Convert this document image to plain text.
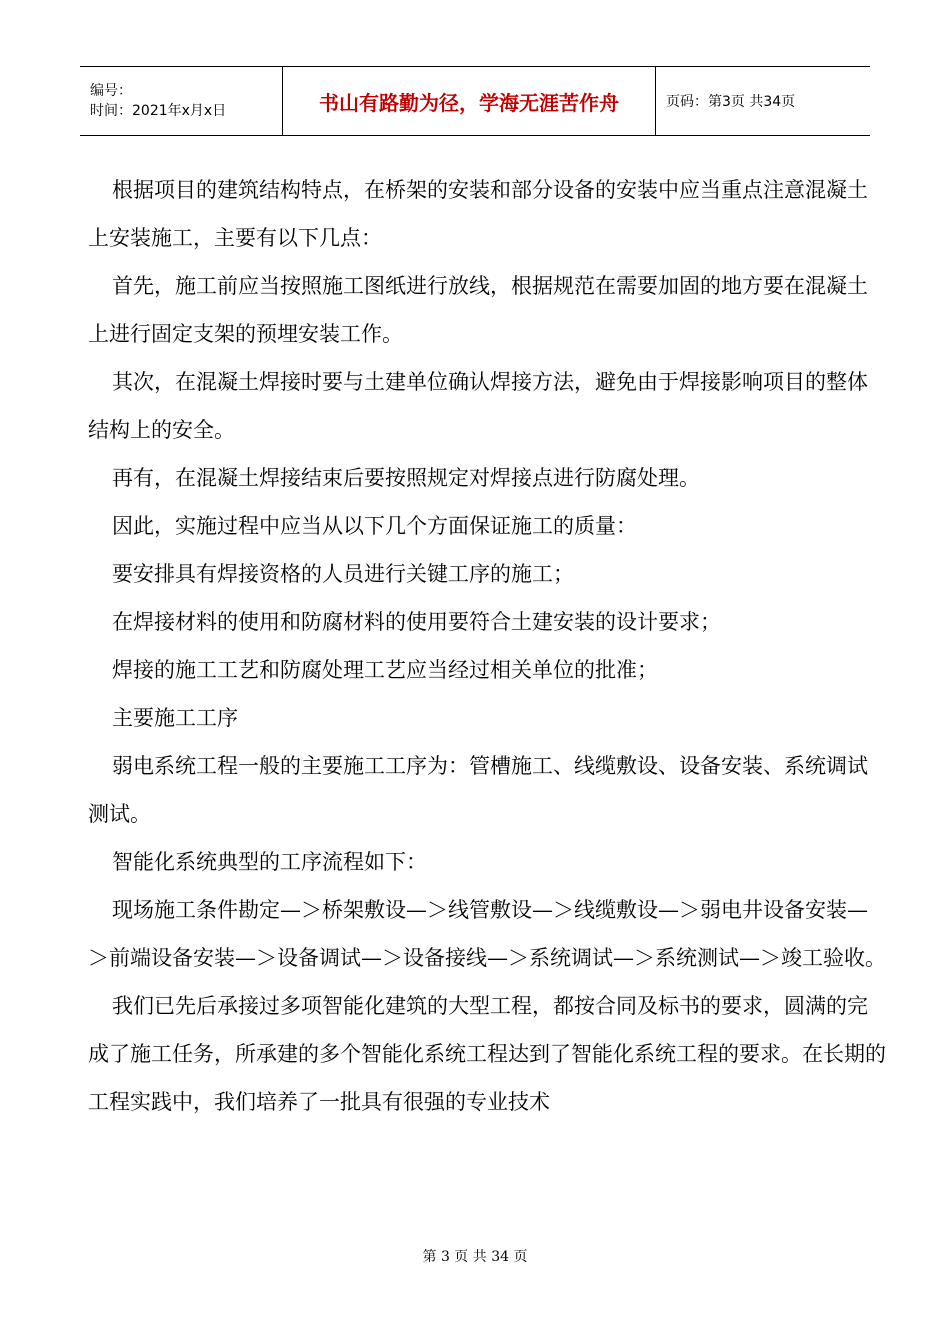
编号：
时间：2021年x月x日	书山有路勤为径，学海无涯苦作舟	页码：第3页 共34页

根据项目的建筑结构特点，在桥架的安装和部分设备的安装中应当重点注意混凝土上安装施工，主要有以下几点：

首先，施工前应当按照施工图纸进行放线，根据规范在需要加固的地方要在混凝土上进行固定支架的预埋安装工作。

其次，在混凝土焊接时要与土建单位确认焊接方法，避免由于焊接影响项目的整体结构上的安全。

再有，在混凝土焊接结束后要按照规定对焊接点进行防腐处理。

因此，实施过程中应当从以下几个方面保证施工的质量：

要安排具有焊接资格的人员进行关键工序的施工；

在焊接材料的使用和防腐材料的使用要符合土建安装的设计要求；

焊接的施工工艺和防腐处理工艺应当经过相关单位的批准；

主要施工工序

弱电系统工程一般的主要施工工序为：管槽施工、线缆敷设、设备安装、系统调试测试。

智能化系统典型的工序流程如下：

现场施工条件勘定—＞桥架敷设—＞线管敷设—＞线缆敷设—＞弱电井设备安装—＞前端设备安装—＞设备调试—＞设备接线—＞系统调试—＞系统测试—＞竣工验收。

我们已先后承接过多项智能化建筑的大型工程，都按合同及标书的要求，圆满的完成了施工任务，所承建的多个智能化系统工程达到了智能化系统工程的要求。在长期的工程实践中，我们培养了一批具有很强的专业技术

第 3 页 共 34 页
